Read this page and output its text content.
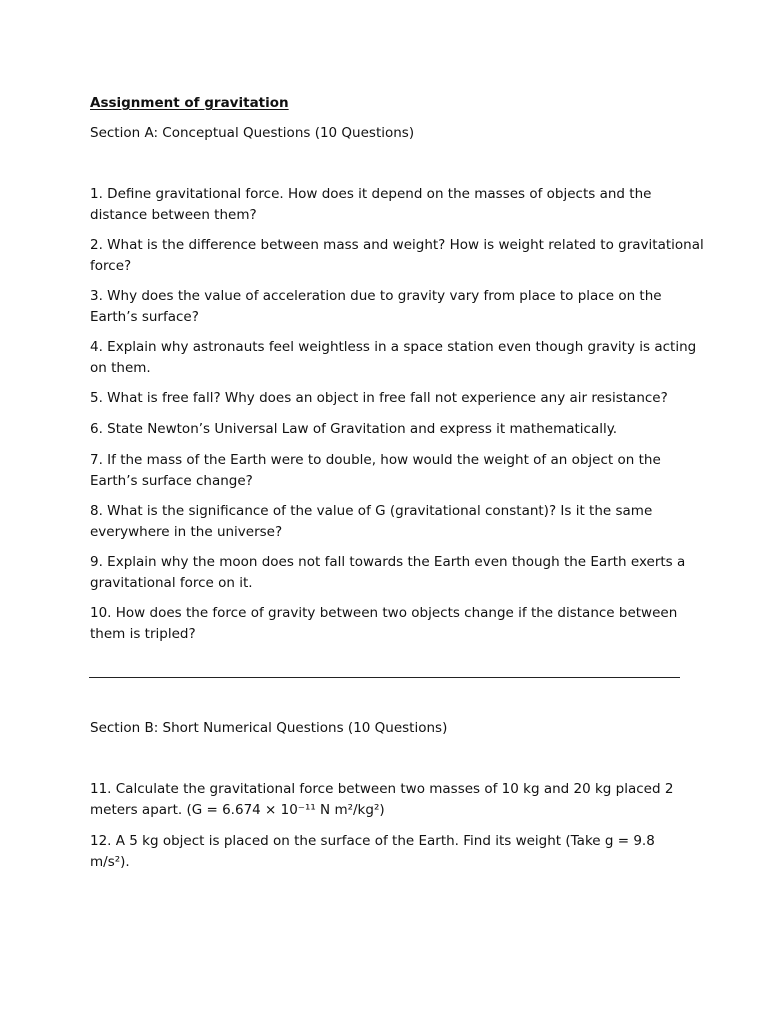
Assignment of gravitation
Section A: Conceptual Questions (10 Questions)
1. Define gravitational force. How does it depend on the masses of objects and the
distance between them?
2. What is the difference between mass and weight? How is weight related to gravitational
force?
3. Why does the value of acceleration due to gravity vary from place to place on the
Earth’s surface?
4. Explain why astronauts feel weightless in a space station even though gravity is acting
on them.
5. What is free fall? Why does an object in free fall not experience any air resistance?
6. State Newton’s Universal Law of Gravitation and express it mathematically.
7. If the mass of the Earth were to double, how would the weight of an object on the
Earth’s surface change?
8. What is the significance of the value of G (gravitational constant)? Is it the same
everywhere in the universe?
9. Explain why the moon does not fall towards the Earth even though the Earth exerts a
gravitational force on it.
10. How does the force of gravity between two objects change if the distance between
them is tripled?
Section B: Short Numerical Questions (10 Questions)
11. Calculate the gravitational force between two masses of 10 kg and 20 kg placed 2
meters apart. (G = 6.674 × 10⁻¹¹ N m²/kg²)
12. A 5 kg object is placed on the surface of the Earth. Find its weight (Take g = 9.8
m/s²).
